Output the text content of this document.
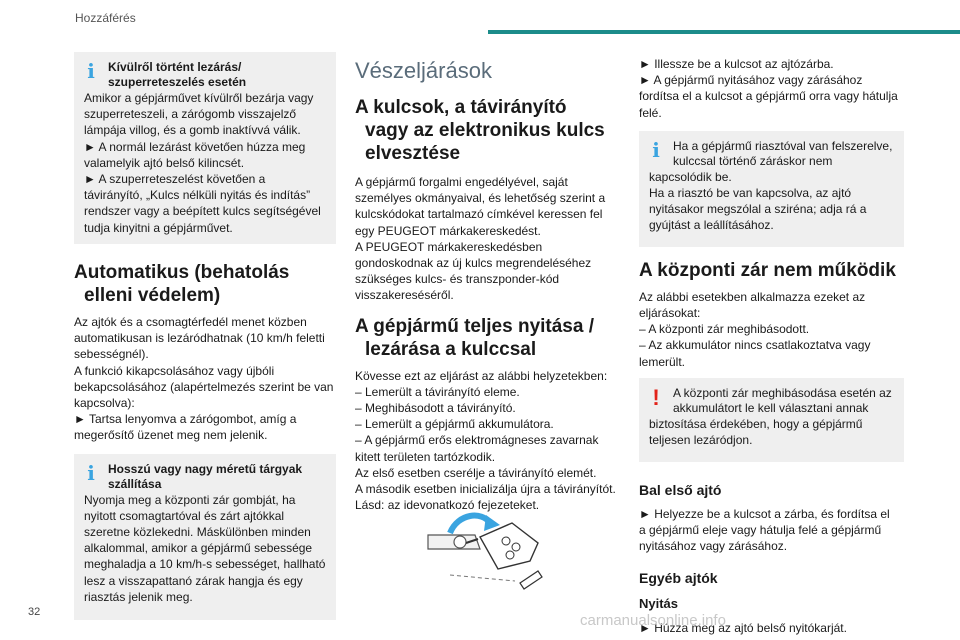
Hozzáférés
i	Kívülről történt lezárás/
szuperreteszelés esetén
Amikor a gépjárművet kívülről bezárja vagy
szuperreteszeli, a zárógomb visszajelző
lámpája villog, és a gomb inaktívvá válik.
► A normál lezárást követően húzza meg
valamelyik ajtó belső kilincsét.
► A szuperreteszelést követően a
távirányító, „Kulcs nélküli nyitás és indítás”
rendszer vagy a beépített kulcs segítségével
tudja kinyitni a gépjárművet.
Automatikus (behatolás
elleni védelem)
Az ajtók és a csomagtérfedél menet közben
automatikusan is lezáródhatnak (10 km/h feletti
sebességnél).
A funkció kikapcsolásához vagy újbóli
bekapcsolásához (alapértelmezés szerint be van
kapcsolva):
► Tartsa lenyomva a zárógombot, amíg a
megerősítő üzenet meg nem jelenik.
i	Hosszú vagy nagy méretű tárgyak
szállítása
Nyomja meg a központi zár gombját, ha
nyitott csomagtartóval és zárt ajtókkal
szeretne közlekedni. Máskülönben minden
alkalommal, amikor a gépjármű sebessége
meghaladja a 10 km/h-s sebességet, hallható
lesz a visszapattanó zárak hangja és egy
riasztás jelenik meg.
Vészeljárások
A kulcsok, a távirányító
vagy az elektronikus kulcs
elvesztése
A gépjármű forgalmi engedélyével, saját
személyes okmányaival, és lehetőség szerint a
kulcskódokat tartalmazó címkével keressen fel
egy PEUGEOT márkakereskedést.
A PEUGEOT márkakereskedésben
gondoskodnak az új kulcs megrendeléséhez
szükséges kulcs- és transzponder-kód
visszakereséséről.
A gépjármű teljes nyitása /
lezárása a kulccsal
Kövesse ezt az eljárást az alábbi helyzetekben:
– Lemerült a távirányító eleme.
– Meghibásodott a távirányító.
– Lemerült a gépjármű akkumulátora.
– A gépjármű erős elektromágneses zavarnak
kitett területen tartózkodik.
Az első esetben cserélje a távirányító elemét.
A második esetben inicializálja újra a távirányítót.
Lásd: az idevonatkozó fejezeteket.
► Illessze be a kulcsot az ajtózárba.
► A gépjármű nyitásához vagy zárásához
fordítsa el a kulcsot a gépjármű orra vagy hátulja
felé.
i	Ha a gépjármű riasztóval van felszerelve,
kulccsal történő záráskor nem
kapcsolódik be.
Ha a riasztó be van kapcsolva, az ajtó
nyitásakor megszólal a sziréna; adja rá a
gyújtást a leállításához.
A központi zár nem működik
Az alábbi esetekben alkalmazza ezeket az
eljárásokat:
– A központi zár meghibásodott.
– Az akkumulátor nincs csatlakoztatva vagy
lemerült.
!	A központi zár meghibásodása esetén az
akkumulátort le kell választani annak
biztosítása érdekében, hogy a gépjármű
teljesen lezáródjon.
Bal első ajtó
► Helyezze be a kulcsot a zárba, és fordítsa el
a gépjármű eleje vagy hátulja felé a gépjármű
nyitásához vagy zárásához.
Egyéb ajtók
Nyitás
► Húzza meg az ajtó belső nyitókarját.
32	carmanualsonline.info
